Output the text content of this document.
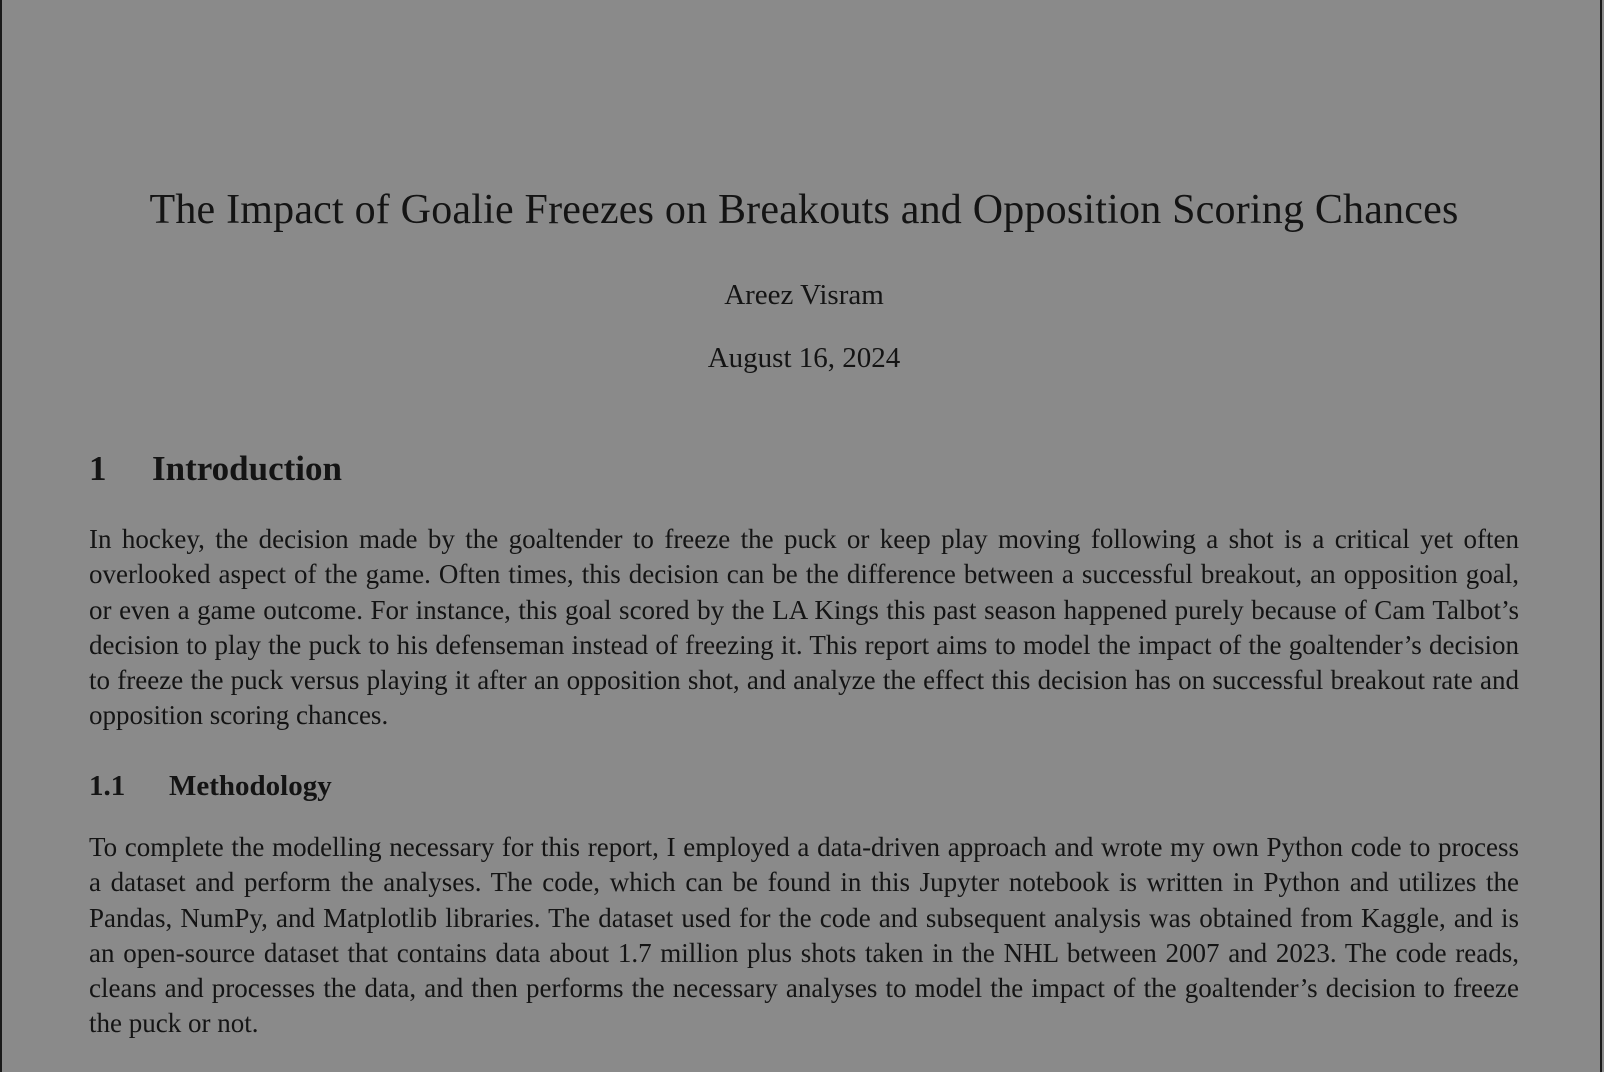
The Impact of Goalie Freezes on Breakouts and Opposition Scoring Chances
Areez Visram
August 16, 2024
1 Introduction

In hockey, the decision made by the goaltender to freeze the puck or keep play moving following a shot is a critical yet often overlooked aspect of the game. Often times, this decision can be the difference between a successful breakout, an opposition goal, or even a game outcome. For instance, this goal scored by the LA Kings this past season happened purely because of Cam Talbot’s decision to play the puck to his defenseman instead of freezing it. This report aims to model the impact of the goaltender’s decision to freeze the puck versus playing it after an opposition shot, and analyze the effect this decision has on successful breakout rate and opposition scoring chances.

1.1 Methodology

To complete the modelling necessary for this report, I employed a data-driven approach and wrote my own Python code to process a dataset and perform the analyses. The code, which can be found in this Jupyter notebook is written in Python and utilizes the Pandas, NumPy, and Matplotlib libraries. The dataset used for the code and subsequent analysis was obtained from Kaggle, and is an open-source dataset that contains data about 1.7 million plus shots taken in the NHL between 2007 and 2023. The code reads, cleans and processes the data, and then performs the necessary analyses to model the impact of the goaltender’s decision to freeze the puck or not.
